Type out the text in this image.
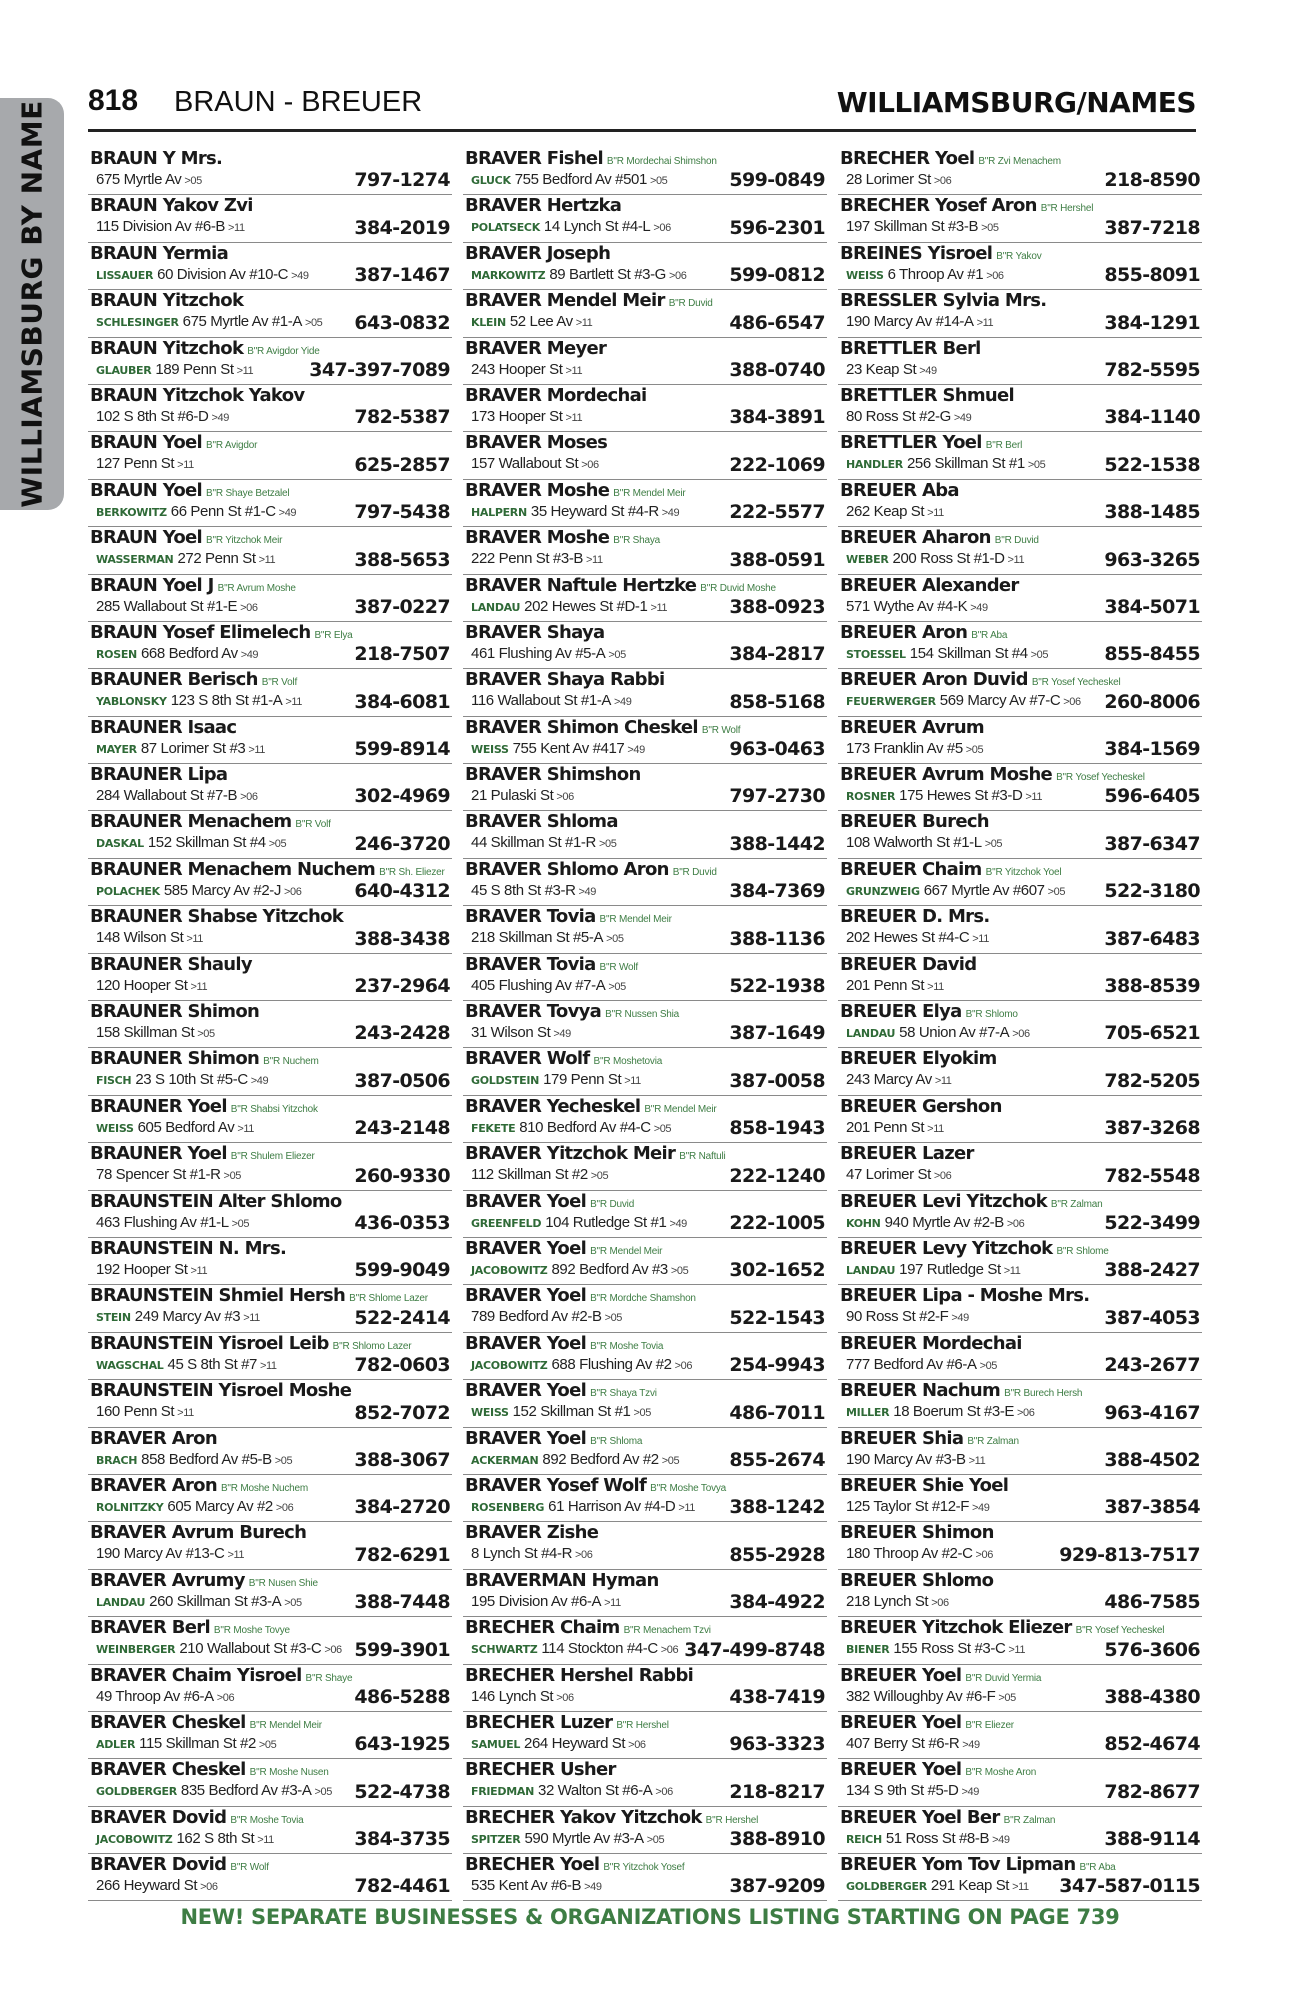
WILLIAMSBURG BY NAME 818 BRAUN - BREUER	WILLIAMSBURG/NAMES
BRAUN Y Mrs.
675 Myrtle Av >05	797-1274
BRAUN Yakov Zvi
115 Division Av #6-B >11	384-2019
BRAUN Yermia
LISSAUER 60 Division Av #10-C >49 387-1467
BRAUN Yitzchok
SCHLESINGER 675 Myrtle Av #1-A >05 643-0832
BRAUN Yitzchok B"R Avigdor Yide
GLAUBER 189 Penn St >11	347-397-7089
BRAUN Yitzchok Yakov
102 S 8th St #6-D >49	782-5387
BRAUN Yoel B"R Avigdor
127 Penn St >11	625-2857
BRAUN Yoel B"R Shaye Betzalel
BERKOWITZ 66 Penn St #1-C >49	797-5438
BRAUN Yoel B"R Yitzchok Meir
WASSERMAN 272 Penn St >11	388-5653
BRAUN Yoel J B"R Avrum Moshe
285 Wallabout St #1-E >06	387-0227
BRAUN Yosef Elimelech B"R Elya
ROSEN 668 Bedford Av >49	218-7507
BRAUNER Berisch B"R Volf
YABLONSKY 123 S 8th St #1-A >11	384-6081
BRAUNER Isaac
MAYER 87 Lorimer St #3 >11	599-8914
BRAUNER Lipa
284 Wallabout St #7-B >06	302-4969
BRAUNER Menachem B"R Volf
DASKAL 152 Skillman St #4 >05	246-3720
BRAUNER Menachem Nuchem B"R Sh. Eliezer
POLACHEK 585 Marcy Av #2-J >06	640-4312
BRAUNER Shabse Yitzchok
148 Wilson St >11	388-3438
BRAUNER Shauly
120 Hooper St >11	237-2964
BRAUNER Shimon
158 Skillman St >05	243-2428
BRAUNER Shimon B"R Nuchem
FISCH 23 S 10th St #5-C >49	387-0506
BRAUNER Yoel B"R Shabsi Yitzchok
WEISS 605 Bedford Av >11	243-2148
BRAUNER Yoel B"R Shulem Eliezer
78 Spencer St #1-R >05	260-9330
BRAUNSTEIN Alter Shlomo
463 Flushing Av #1-L >05	436-0353
BRAUNSTEIN N. Mrs.
192 Hooper St >11	599-9049
BRAUNSTEIN Shmiel Hersh B"R Shlome Lazer
STEIN 249 Marcy Av #3 >11	522-2414
BRAUNSTEIN Yisroel Leib B"R Shlomo Lazer
WAGSCHAL 45 S 8th St #7 >11	782-0603
BRAUNSTEIN Yisroel Moshe
160 Penn St >11	852-7072
BRAVER Aron
BRACH 858 Bedford Av #5-B >05	388-3067
BRAVER Aron B"R Moshe Nuchem
ROLNITZKY 605 Marcy Av #2 >06	384-2720
BRAVER Avrum Burech
190 Marcy Av #13-C >11	782-6291
BRAVER Avrumy B"R Nusen Shie
LANDAU 260 Skillman St #3-A >05	388-7448
BRAVER Berl B"R Moshe Tovye
WEINBERGER 210 Wallabout St #3-C >06 599-3901
BRAVER Chaim Yisroel B"R Shaye
49 Throop Av #6-A >06	486-5288
BRAVER Cheskel B"R Mendel Meir
ADLER 115 Skillman St #2 >05	643-1925
BRAVER Cheskel B"R Moshe Nusen
GOLDBERGER 835 Bedford Av #3-A >05 522-4738
BRAVER Dovid B"R Moshe Tovia
JACOBOWITZ 162 S 8th St >11	384-3735
BRAVER Dovid B"R Wolf
266 Heyward St >06	782-4461
BRAVER Fishel B"R Mordechai Shimshon
GLUCK 755 Bedford Av #501 >05	599-0849
BRAVER Hertzka
POLATSECK 14 Lynch St #4-L >06	596-2301
BRAVER Joseph
MARKOWITZ 89 Bartlett St #3-G >06 599-0812
BRAVER Mendel Meir B"R Duvid
KLEIN 52 Lee Av >11	486-6547
BRAVER Meyer
243 Hooper St >11	388-0740
BRAVER Mordechai
173 Hooper St >11	384-3891
BRAVER Moses
157 Wallabout St >06	222-1069
BRAVER Moshe B"R Mendel Meir
HALPERN 35 Heyward St #4-R >49	222-5577
BRAVER Moshe B"R Shaya
222 Penn St #3-B >11	388-0591
BRAVER Naftule Hertzke B"R Duvid Moshe
LANDAU 202 Hewes St #D-1 >11	388-0923
BRAVER Shaya
461 Flushing Av #5-A >05	384-2817
BRAVER Shaya Rabbi
116 Wallabout St #1-A >49	858-5168
BRAVER Shimon Cheskel B"R Wolf
WEISS 755 Kent Av #417 >49	963-0463
BRAVER Shimshon
21 Pulaski St >06	797-2730
BRAVER Shloma
44 Skillman St #1-R >05	388-1442
BRAVER Shlomo Aron B"R Duvid
45 S 8th St #3-R >49	384-7369
BRAVER Tovia B"R Mendel Meir
218 Skillman St #5-A >05	388-1136
BRAVER Tovia B"R Wolf
405 Flushing Av #7-A >05	522-1938
BRAVER Tovya B"R Nussen Shia
31 Wilson St >49	387-1649
BRAVER Wolf B"R Moshetovia
GOLDSTEIN 179 Penn St >11	387-0058
BRAVER Yecheskel B"R Mendel Meir
FEKETE 810 Bedford Av #4-C >05	858-1943
BRAVER Yitzchok Meir B"R Naftuli
112 Skillman St #2 >05	222-1240
BRAVER Yoel B"R Duvid
GREENFELD 104 Rutledge St #1 >49 222-1005
BRAVER Yoel B"R Mendel Meir
JACOBOWITZ 892 Bedford Av #3 >05 302-1652
BRAVER Yoel B"R Mordche Shamshon
789 Bedford Av #2-B >05	522-1543
BRAVER Yoel B"R Moshe Tovia
JACOBOWITZ 688 Flushing Av #2 >06 254-9943
BRAVER Yoel B"R Shaya Tzvi
WEISS 152 Skillman St #1 >05	486-7011
BRAVER Yoel B"R Shloma
ACKERMAN 892 Bedford Av #2 >05	855-2674
BRAVER Yosef Wolf B"R Moshe Tovya
ROSENBERG 61 Harrison Av #4-D >11 388-1242
BRAVER Zishe
8 Lynch St #4-R >06	855-2928
BRAVERMAN Hyman
195 Division Av #6-A >11	384-4922
BRECHER Chaim B"R Menachem Tzvi
SCHWARTZ 114 Stockton #4-C >06 347-499-8748
BRECHER Hershel Rabbi
146 Lynch St >06	438-7419
BRECHER Luzer B"R Hershel
SAMUEL 264 Heyward St >06	963-3323
BRECHER Usher
FRIEDMAN 32 Walton St #6-A >06	218-8217
BRECHER Yakov Yitzchok B"R Hershel
SPITZER 590 Myrtle Av #3-A >05	388-8910
BRECHER Yoel B"R Yitzchok Yosef
535 Kent Av #6-B >49	387-9209
BRECHER Yoel B"R Zvi Menachem
28 Lorimer St >06	218-8590
BRECHER Yosef Aron B"R Hershel
197 Skillman St #3-B >05	387-7218
BREINES Yisroel B"R Yakov
WEISS 6 Throop Av #1 >06	855-8091
BRESSLER Sylvia Mrs.
190 Marcy Av #14-A >11	384-1291
BRETTLER Berl
23 Keap St >49	782-5595
BRETTLER Shmuel
80 Ross St #2-G >49	384-1140
BRETTLER Yoel B"R Berl
HANDLER 256 Skillman St #1 >05	522-1538
BREUER Aba
262 Keap St >11	388-1485
BREUER Aharon B"R Duvid
WEBER 200 Ross St #1-D >11	963-3265
BREUER Alexander
571 Wythe Av #4-K >49	384-5071
BREUER Aron B"R Aba
STOESSEL 154 Skillman St #4 >05	855-8455
BREUER Aron Duvid B"R Yosef Yecheskel
FEUERWERGER 569 Marcy Av #7-C >06 260-8006
BREUER Avrum
173 Franklin Av #5 >05	384-1569
BREUER Avrum Moshe B"R Yosef Yecheskel
ROSNER 175 Hewes St #3-D >11	596-6405
BREUER Burech
108 Walworth St #1-L >05	387-6347
BREUER Chaim B"R Yitzchok Yoel
GRUNZWEIG 667 Myrtle Av #607 >05 522-3180
BREUER D. Mrs.
202 Hewes St #4-C >11	387-6483
BREUER David
201 Penn St >11	388-8539
BREUER Elya B"R Shlomo
LANDAU 58 Union Av #7-A >06	705-6521
BREUER Elyokim
243 Marcy Av >11	782-5205
BREUER Gershon
201 Penn St >11	387-3268
BREUER Lazer
47 Lorimer St >06	782-5548
BREUER Levi Yitzchok B"R Zalman
KOHN 940 Myrtle Av #2-B >06	522-3499
BREUER Levy Yitzchok B"R Shlome
LANDAU 197 Rutledge St >11	388-2427
BREUER Lipa - Moshe Mrs.
90 Ross St #2-F >49	387-4053
BREUER Mordechai
777 Bedford Av #6-A >05	243-2677
BREUER Nachum B"R Burech Hersh
MILLER 18 Boerum St #3-E >06	963-4167
BREUER Shia B"R Zalman
190 Marcy Av #3-B >11	388-4502
BREUER Shie Yoel
125 Taylor St #12-F >49	387-3854
BREUER Shimon
180 Throop Av #2-C >06	929-813-7517
BREUER Shlomo
218 Lynch St >06	486-7585
BREUER Yitzchok Eliezer B"R Yosef Yecheskel
BIENER 155 Ross St #3-C >11	576-3606
BREUER Yoel B"R Duvid Yermia
382 Willoughby Av #6-F >05	388-4380
BREUER Yoel B"R Eliezer
407 Berry St #6-R >49	852-4674
BREUER Yoel B"R Moshe Aron
134 S 9th St #5-D >49	782-8677
BREUER Yoel Ber B"R Zalman
REICH 51 Ross St #8-B >49	388-9114
BREUER Yom Tov Lipman B"R Aba
GOLDBERGER 291 Keap St >11 347-587-0115
NEW! SEPARATE BUSINESSES & ORGANIZATIONS LISTING STARTING ON PAGE 739
